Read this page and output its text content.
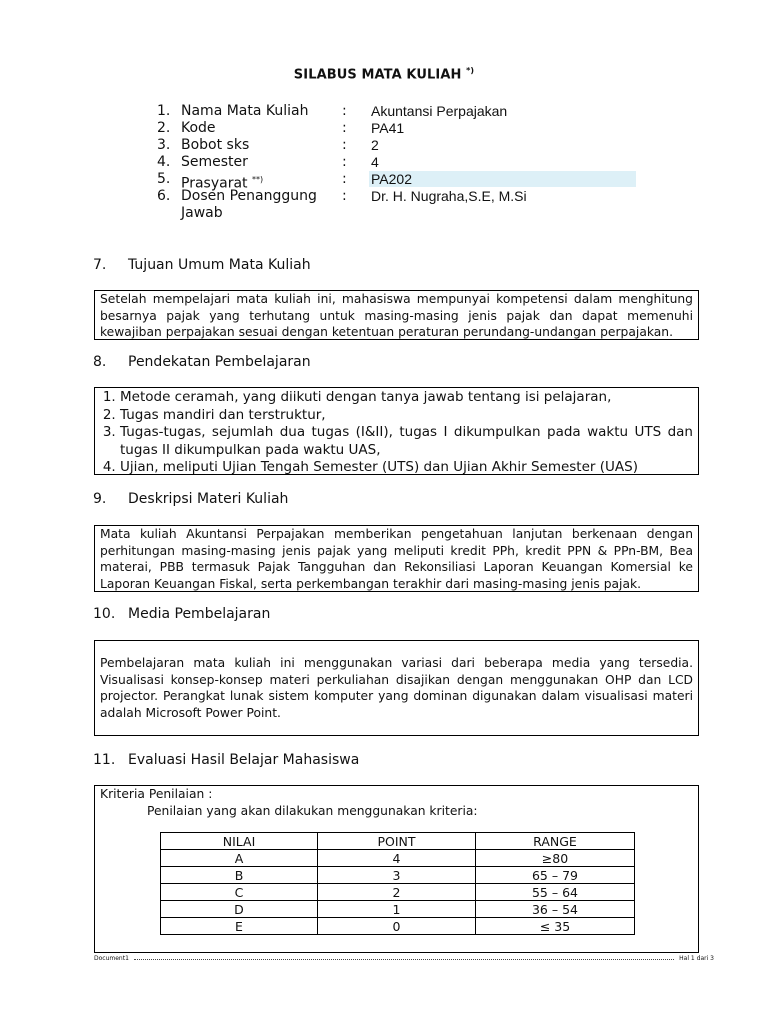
SILABUS MATA KULIAH *)
1. Nama Mata Kuliah	: Akuntansi Perpajakan
2. Kode	: PA41
3. Bobot sks	: 2
4. Semester	: 4
5. Prasyarat **)	: PA202
6. Dosen Penanggung Jawab
: Dr. H. Nugraha,S.E, M.Si
7. Tujuan Umum Mata Kuliah
Setelah mempelajari mata kuliah ini, mahasiswa mempunyai kompetensi dalam menghitung besarnya pajak yang terhutang untuk masing-masing jenis pajak dan dapat memenuhi kewajiban perpajakan sesuai dengan ketentuan peraturan perundang-undangan perpajakan.
8. Pendekatan Pembelajaran
1. Metode ceramah, yang diikuti dengan tanya jawab tentang isi pelajaran,
2. Tugas mandiri dan terstruktur,
3. Tugas-tugas, sejumlah dua tugas (I&II), tugas I dikumpulkan pada waktu UTS dan tugas II dikumpulkan pada waktu UAS,
4. Ujian, meliputi Ujian Tengah Semester (UTS) dan Ujian Akhir Semester (UAS)
9. Deskripsi Materi Kuliah
Mata kuliah Akuntansi Perpajakan memberikan pengetahuan lanjutan berkenaan dengan perhitungan masing-masing jenis pajak yang meliputi kredit PPh, kredit PPN & PPn-BM, Bea materai, PBB termasuk Pajak Tangguhan dan Rekonsiliasi Laporan Keuangan Komersial ke Laporan Keuangan Fiskal, serta perkembangan terakhir dari masing-masing jenis pajak.
10. Media Pembelajaran
Pembelajaran mata kuliah ini menggunakan variasi dari beberapa media yang tersedia. Visualisasi konsep-konsep materi perkuliahan disajikan dengan menggunakan OHP dan LCD projector. Perangkat lunak sistem komputer yang dominan digunakan dalam visualisasi materi adalah Microsoft Power Point.
11. Evaluasi Hasil Belajar Mahasiswa
Kriteria Penilaian :
Penilaian yang akan dilakukan menggunakan kriteria:
NILAI	POINT	RANGE
A	4	≥80
B	3	65 – 79
C	2	55 – 64
D	1	36 – 54
E	0	≤ 35
Document1	Hal 1 dari 3
